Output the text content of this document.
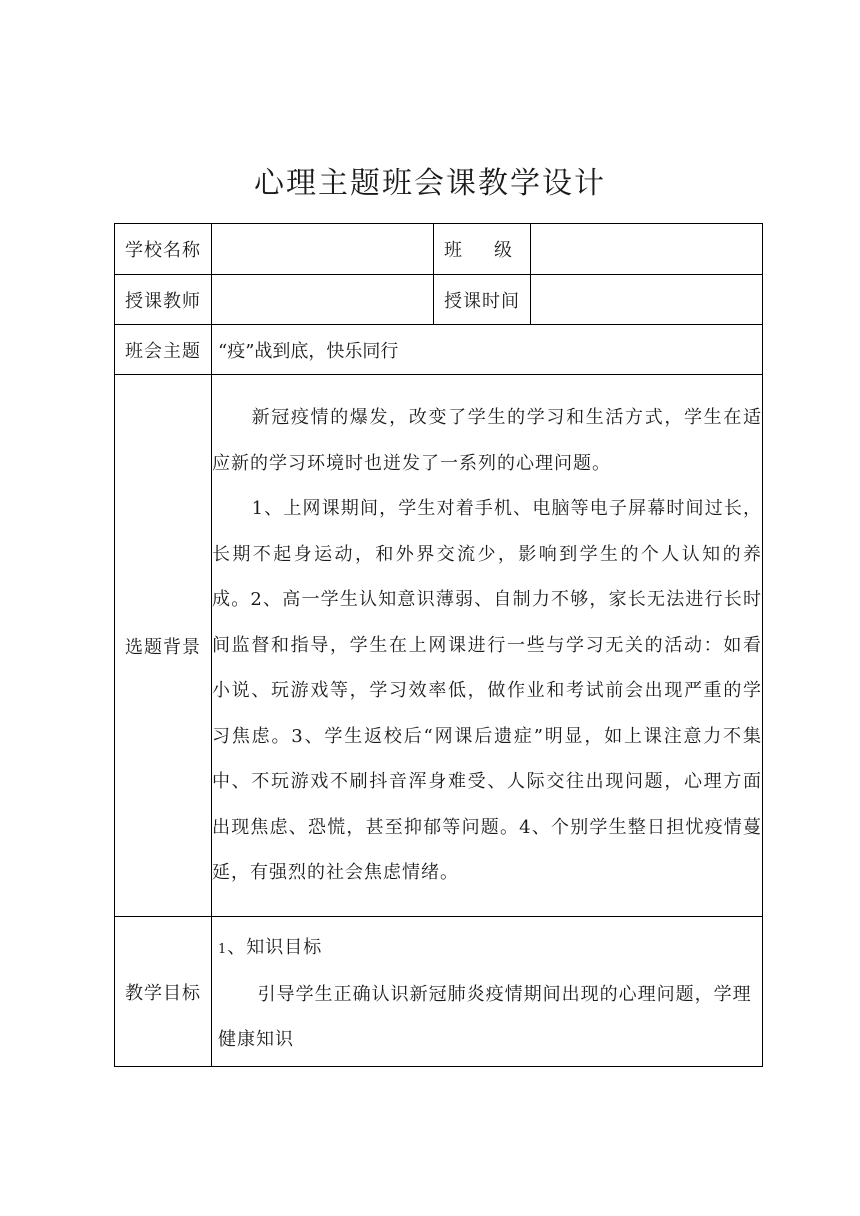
心理主题班会课教学设计
学校名称		班 级	
授课教师		授课时间	
班会主题	“疫”战到底，快乐同行		
选题背景	新冠疫情的爆发，改变了学生的学习和生活方式，学生在适应新的学习环境时也迸发了一系列的心理问题。

1、上网课期间，学生对着手机、电脑等电子屏幕时间过长，长期不起身运动，和外界交流少，影响到学生的个人认知的养成。2、高一学生认知意识薄弱、自制力不够，家长无法进行长时间监督和指导，学生在上网课进行一些与学习无关的活动：如看小说、玩游戏等，学习效率低，做作业和考试前会出现严重的学习焦虑。3、学生返校后“网课后遗症”明显，如上课注意力不集中、不玩游戏不刷抖音浑身难受、人际交往出现问题，心理方面出现焦虑、恐慌，甚至抑郁等问题。4、个别学生整日担忧疫情蔓延，有强烈的社会焦虑情绪。		

教学目标	1、知识目标

引导学生正确认识新冠肺炎疫情期间出现的心理问题，学理健康知识		
